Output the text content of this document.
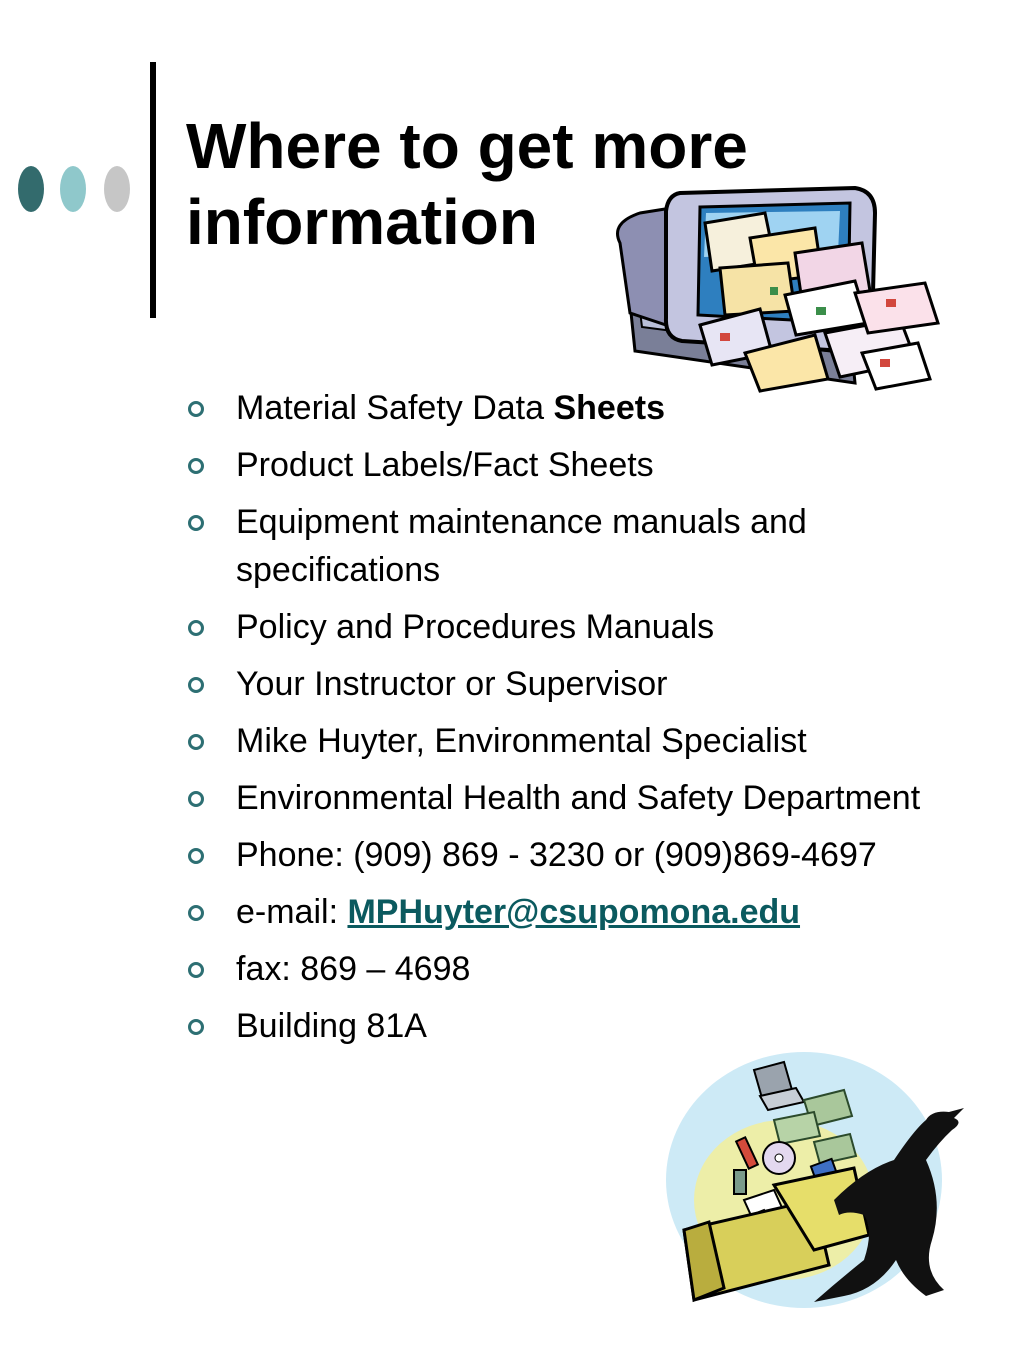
Where to get more
information
Material Safety Data Sheets
Product Labels/Fact Sheets
Equipment maintenance manuals and specifications
Policy and Procedures Manuals
Your Instructor or Supervisor
Mike Huyter, Environmental Specialist
Environmental Health and Safety Department
Phone: (909) 869 - 3230 or (909)869-4697
e-mail: MPHuyter@csupomona.edu
fax: 869 – 4698
Building 81A
